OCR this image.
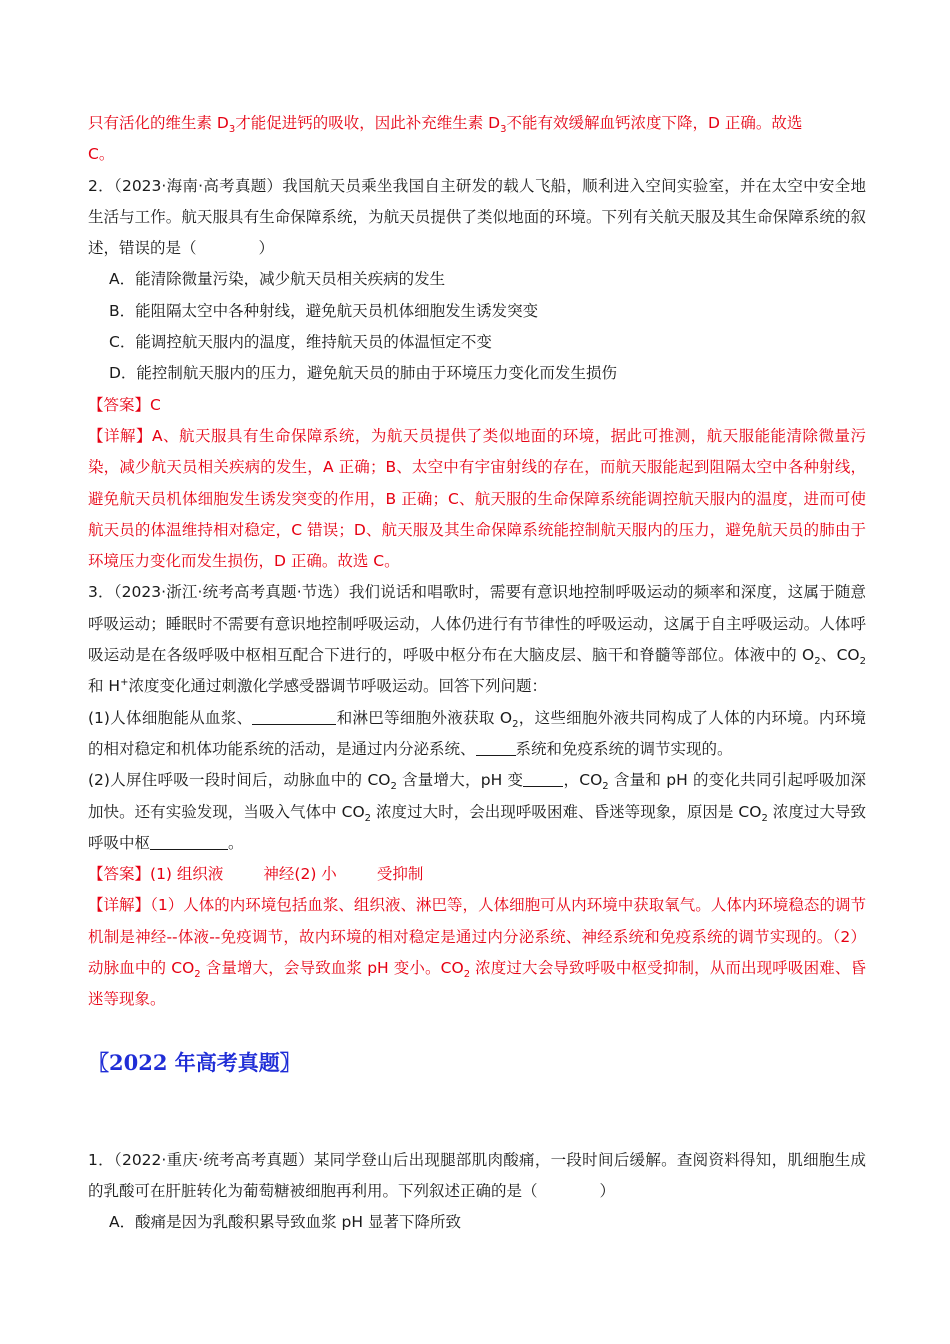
只有活化的维生素 $D_3$才能促进钙的吸收，因此补充维生素 $D_3$不能有效缓解血钙浓度下降，D 正确。故选
C。

2．（2023·海南·高考真题）我国航天员乘坐我国自主研发的载人飞船，顺利进入空间实验室，并在太空中安全地生活与工作。航天服具有生命保障系统，为航天员提供了类似地面的环境。下列有关航天服及其生命保障系统的叙述，错误的是（　　　　）

A．能清除微量污染，减少航天员相关疾病的发生

B．能阻隔太空中各种射线，避免航天员机体细胞发生诱发突变

C．能调控航天服内的温度，维持航天员的体温恒定不变

D．能控制航天服内的压力，避免航天员的肺由于环境压力变化而发生损伤

【答案】C

【详解】A、航天服具有生命保障系统，为航天员提供了类似地面的环境，据此可推测，航天服能能清除微量污染，减少航天员相关疾病的发生，A 正确；B、太空中有宇宙射线的存在，而航天服能起到阻隔太空中各种射线，避免航天员机体细胞发生诱发突变的作用，B 正确；C、航天服的生命保障系统能调控航天服内的温度，进而可使航天员的体温维持相对稳定，C 错误；D、航天服及其生命保障系统能控制航天服内的压力，避免航天员的肺由于环境压力变化而发生损伤，D 正确。故选 C。

3．（2023·浙江·统考高考真题·节选）我们说话和唱歌时，需要有意识地控制呼吸运动的频率和深度，这属于随意呼吸运动；睡眠时不需要有意识地控制呼吸运动，人体仍进行有节律性的呼吸运动，这属于自主呼吸运动。人体呼吸运动是在各级呼吸中枢相互配合下进行的，呼吸中枢分布在大脑皮层、脑干和脊髓等部位。体液中的 $O_2$、$CO_2$ 和 H+浓度变化通过刺激化学感受器调节呼吸运动。回答下列问题：

(1)人体细胞能从血浆、	和淋巴等细胞外液获取 $O_2$，这些细胞外液共同构成了人体的内环境。内环境的相对稳定和机体功能系统的活动，是通过内分泌系统、	系统和免疫系统的调节实现的。

(2)人屏住呼吸一段时间后，动脉血中的 $CO_2$ 含量增大，pH 变	，$CO_2$ 含量和 pH 的变化共同引起呼吸加深加快。还有实验发现，当吸入气体中 $CO_2$ 浓度过大时，会出现呼吸困难、昏迷等现象，原因是 $CO_2$ 浓度过大导致呼吸中枢	。

【答案】(1) 组织液	神经(2) 小	受抑制

【详解】（1）人体的内环境包括血浆、组织液、淋巴等，人体细胞可从内环境中获取氧气。人体内环境稳态的调节机制是神经--体液--免疫调节，故内环境的相对稳定是通过内分泌系统、神经系统和免疫系统的调节实现的。（2）动脉血中的 $CO_2$ 含量增大，会导致血浆 pH 变小。$CO_2$ 浓度过大会导致呼吸中枢受抑制，从而出现呼吸困难、昏迷等现象。

〖2022 年高考真题〗

1．（2022·重庆·统考高考真题）某同学登山后出现腿部肌肉酸痛，一段时间后缓解。查阅资料得知，肌细胞生成的乳酸可在肝脏转化为葡萄糖被细胞再利用。下列叙述正确的是（　　　　）

A．酸痛是因为乳酸积累导致血浆 pH 显著下降所致
